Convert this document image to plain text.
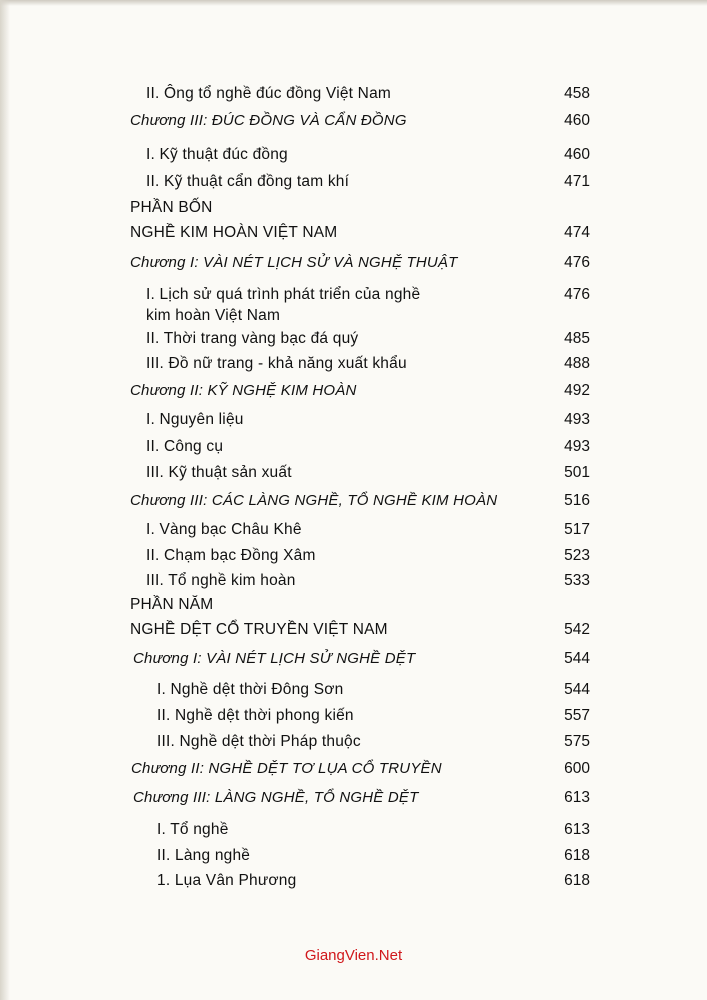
II. Ông tổ nghề đúc đồng Việt Nam	458
Chương III: ĐÚC ĐỒNG VÀ CẨN ĐỒNG	460
I. Kỹ thuật đúc đồng	460
II. Kỹ thuật cẩn đồng tam khí	471
PHẦN BỐN
NGHỀ KIM HOÀN VIỆT NAM	474
Chương I: VÀI NÉT LỊCH SỬ VÀ NGHỆ THUẬT	476
I. Lịch sử quá trình phát triển của nghề	476
kim hoàn Việt Nam
II. Thời trang vàng bạc đá quý	485
III. Đồ nữ trang - khả năng xuất khẩu	488
Chương II: KỸ NGHỆ KIM HOÀN	492
I. Nguyên liệu	493
II. Công cụ	493
III. Kỹ thuật sản xuất	501
Chương III: CÁC LÀNG NGHỀ, TỔ NGHỀ KIM HOÀN	516
I. Vàng bạc Châu Khê	517
II. Chạm bạc Đồng Xâm	523
III. Tổ nghề kim hoàn	533
PHẦN NĂM
NGHỀ DỆT CỔ TRUYỀN VIỆT NAM	542
Chương I: VÀI NÉT LỊCH SỬ NGHỀ DỆT	544
I. Nghề dệt thời Đông Sơn	544
II. Nghề dệt thời phong kiến	557
III. Nghề dệt thời Pháp thuộc	575
Chương II: NGHỀ DỆT TƠ LỤA CỔ TRUYỀN	600
Chương III: LÀNG NGHỀ, TỔ NGHỀ DỆT	613
I. Tổ nghề	613
II. Làng nghề	618
1. Lụa Vân Phương	618
GiangVien.Net
